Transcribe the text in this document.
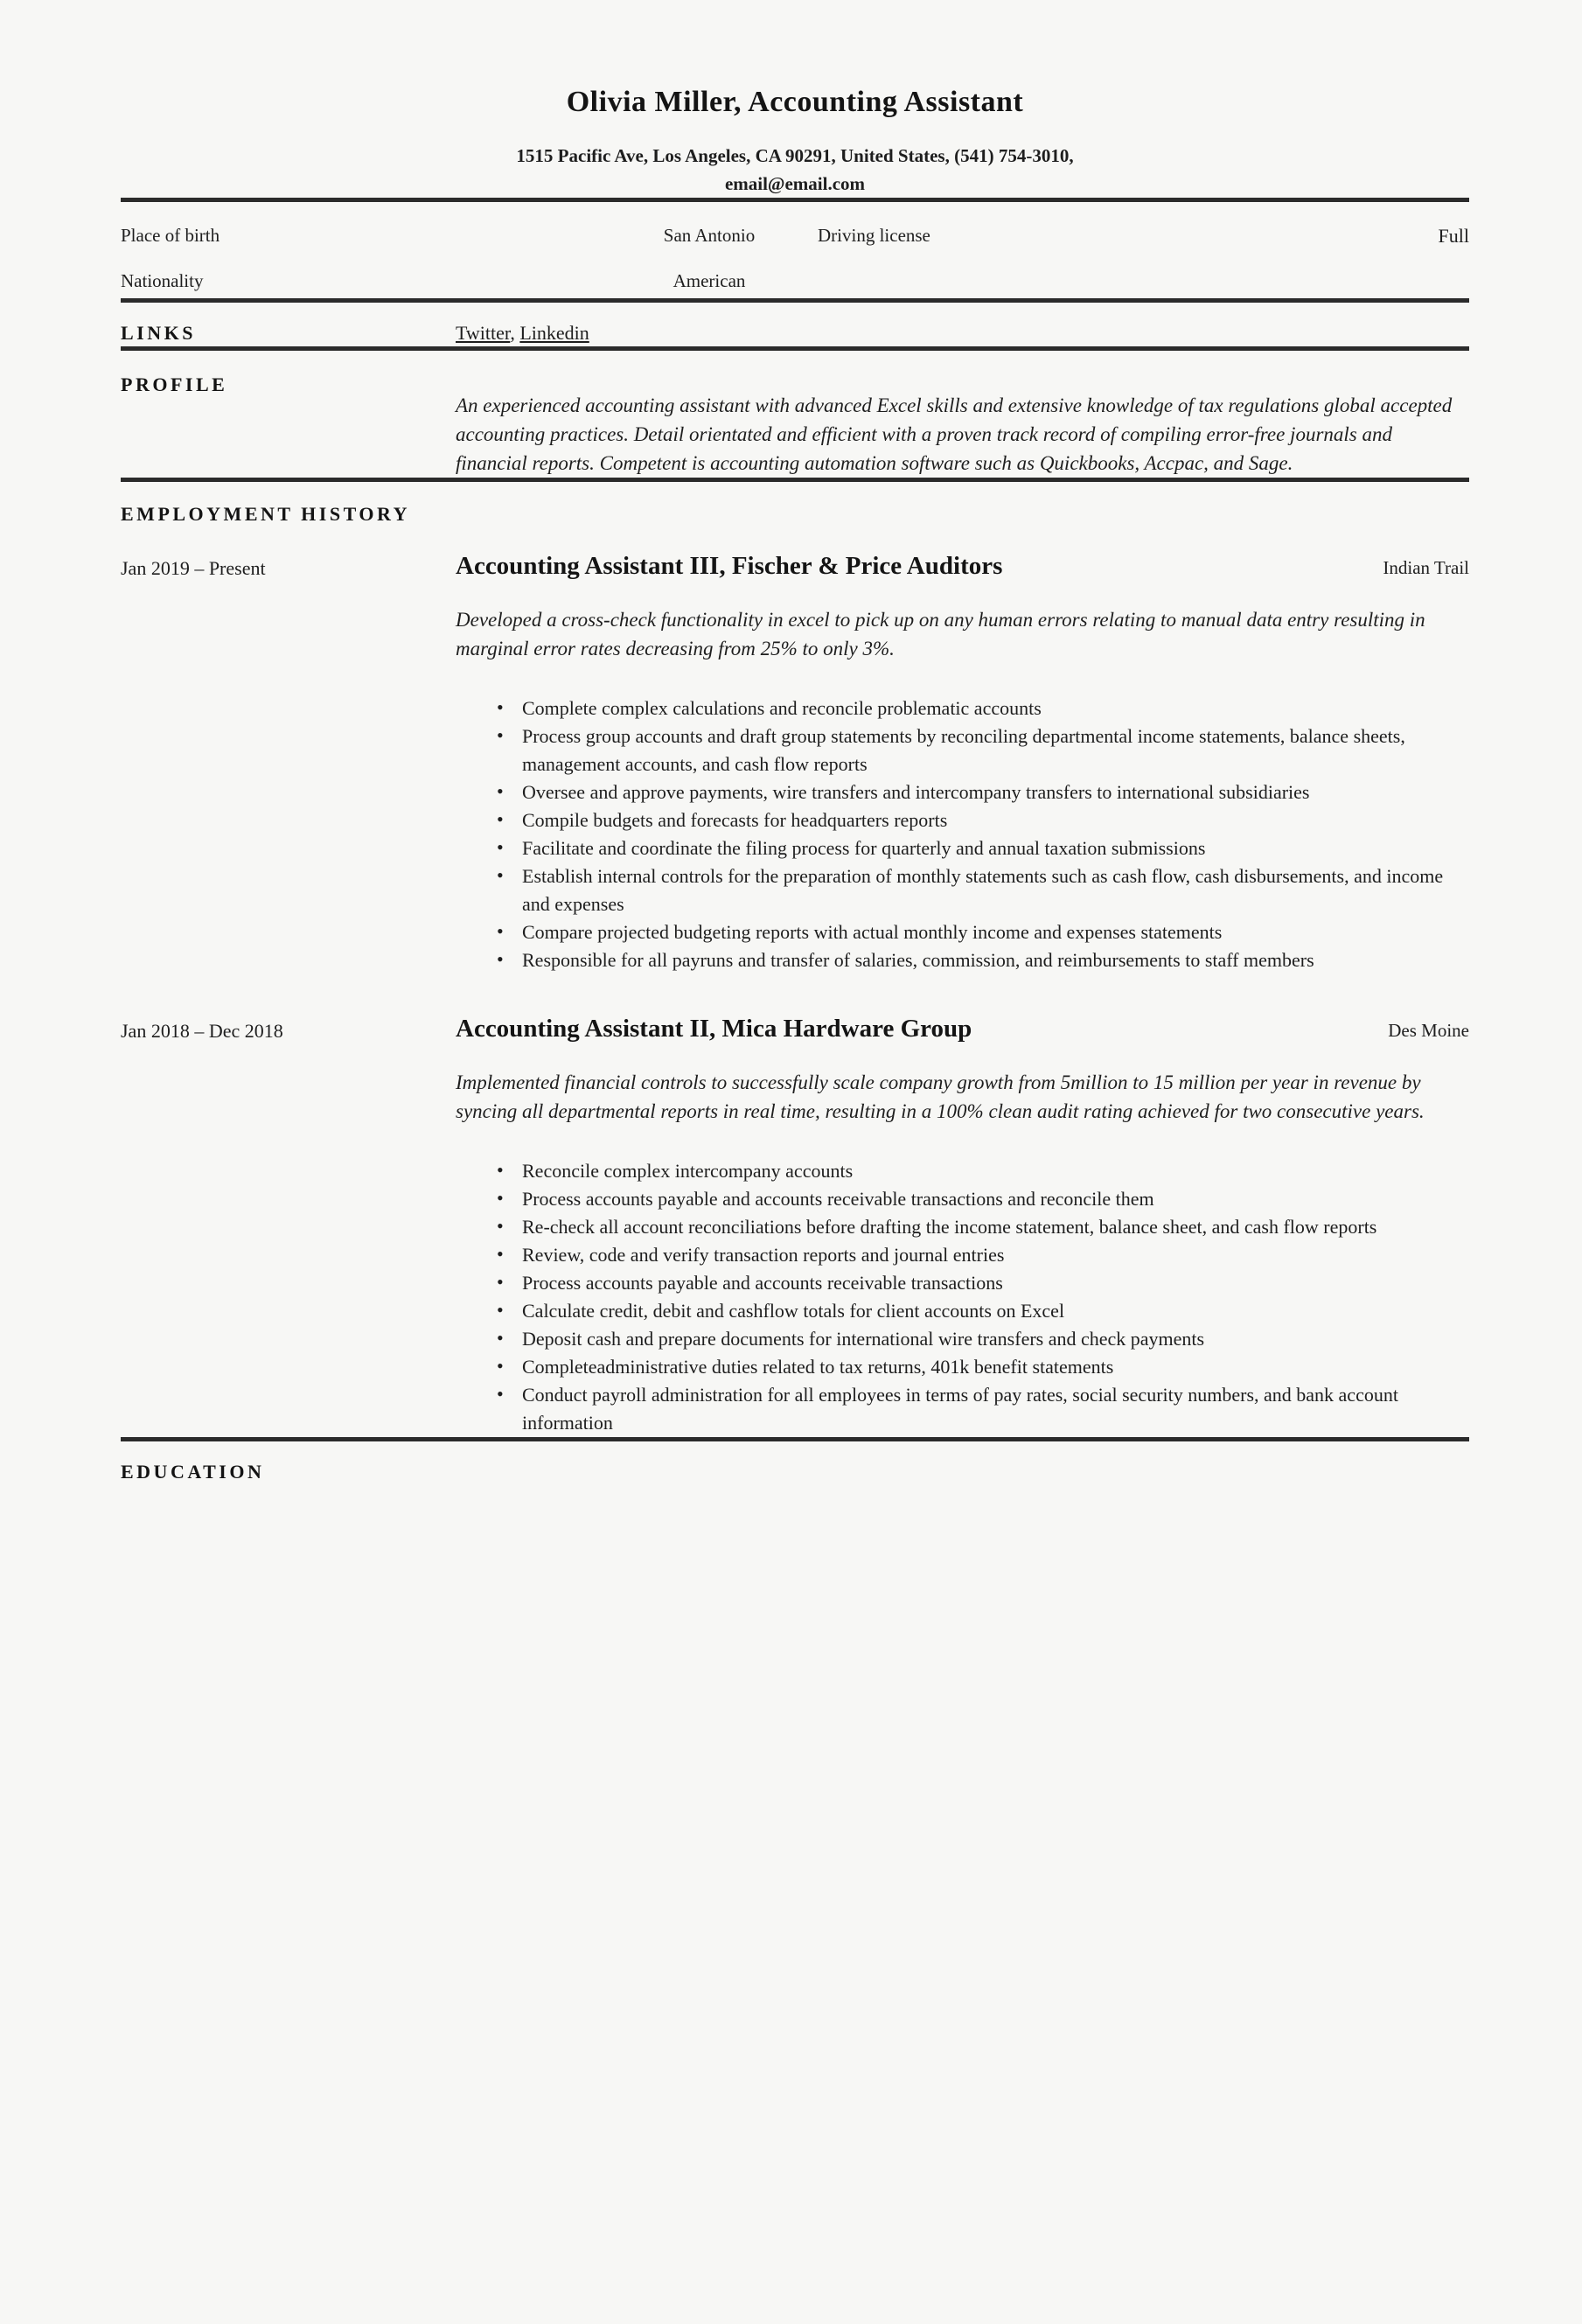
Olivia Miller, Accounting Assistant
1515 Pacific Ave, Los Angeles, CA 90291, United States, (541) 754-3010,
email@email.com
Place of birth	San Antonio	Driving license	Full
Nationality	American
LINKS	Twitter, Linkedin
PROFILE
An experienced accounting assistant with advanced Excel skills and extensive knowledge of tax regulations global accepted accounting practices. Detail orientated and efficient with a proven track record of compiling error-free journals and financial reports. Competent is accounting automation software such as Quickbooks, Accpac, and Sage.
EMPLOYMENT HISTORY
Jan 2019 – Present	Accounting Assistant III, Fischer & Price Auditors	Indian Trail
Developed a cross-check functionality in excel to pick up on any human errors relating to manual data entry resulting in marginal error rates decreasing from 25% to only 3%.
• Complete complex calculations and reconcile problematic accounts
• Process group accounts and draft group statements by reconciling departmental income statements, balance sheets, management accounts, and cash flow reports
• Oversee and approve payments, wire transfers and intercompany transfers to international subsidiaries
• Compile budgets and forecasts for headquarters reports
• Facilitate and coordinate the filing process for quarterly and annual taxation submissions
• Establish internal controls for the preparation of monthly statements such as cash flow, cash disbursements, and income and expenses
• Compare projected budgeting reports with actual monthly income and expenses statements
• Responsible for all payruns and transfer of salaries, commission, and reimbursements to staff members
Jan 2018 – Dec 2018	Accounting Assistant II, Mica Hardware Group	Des Moine
Implemented financial controls to successfully scale company growth from 5million to 15 million per year in revenue by syncing all departmental reports in real time, resulting in a 100% clean audit rating achieved for two consecutive years.
• Reconcile complex intercompany accounts
• Process accounts payable and accounts receivable transactions and reconcile them
• Re-check all account reconciliations before drafting the income statement, balance sheet, and cash flow reports
• Review, code and verify transaction reports and journal entries
• Process accounts payable and accounts receivable transactions
• Calculate credit, debit and cashflow totals for client accounts on Excel
• Deposit cash and prepare documents for international wire transfers and check payments
• Completeadministrative duties related to tax returns, 401k benefit statements
• Conduct payroll administration for all employees in terms of pay rates, social security numbers, and bank account information
EDUCATION
